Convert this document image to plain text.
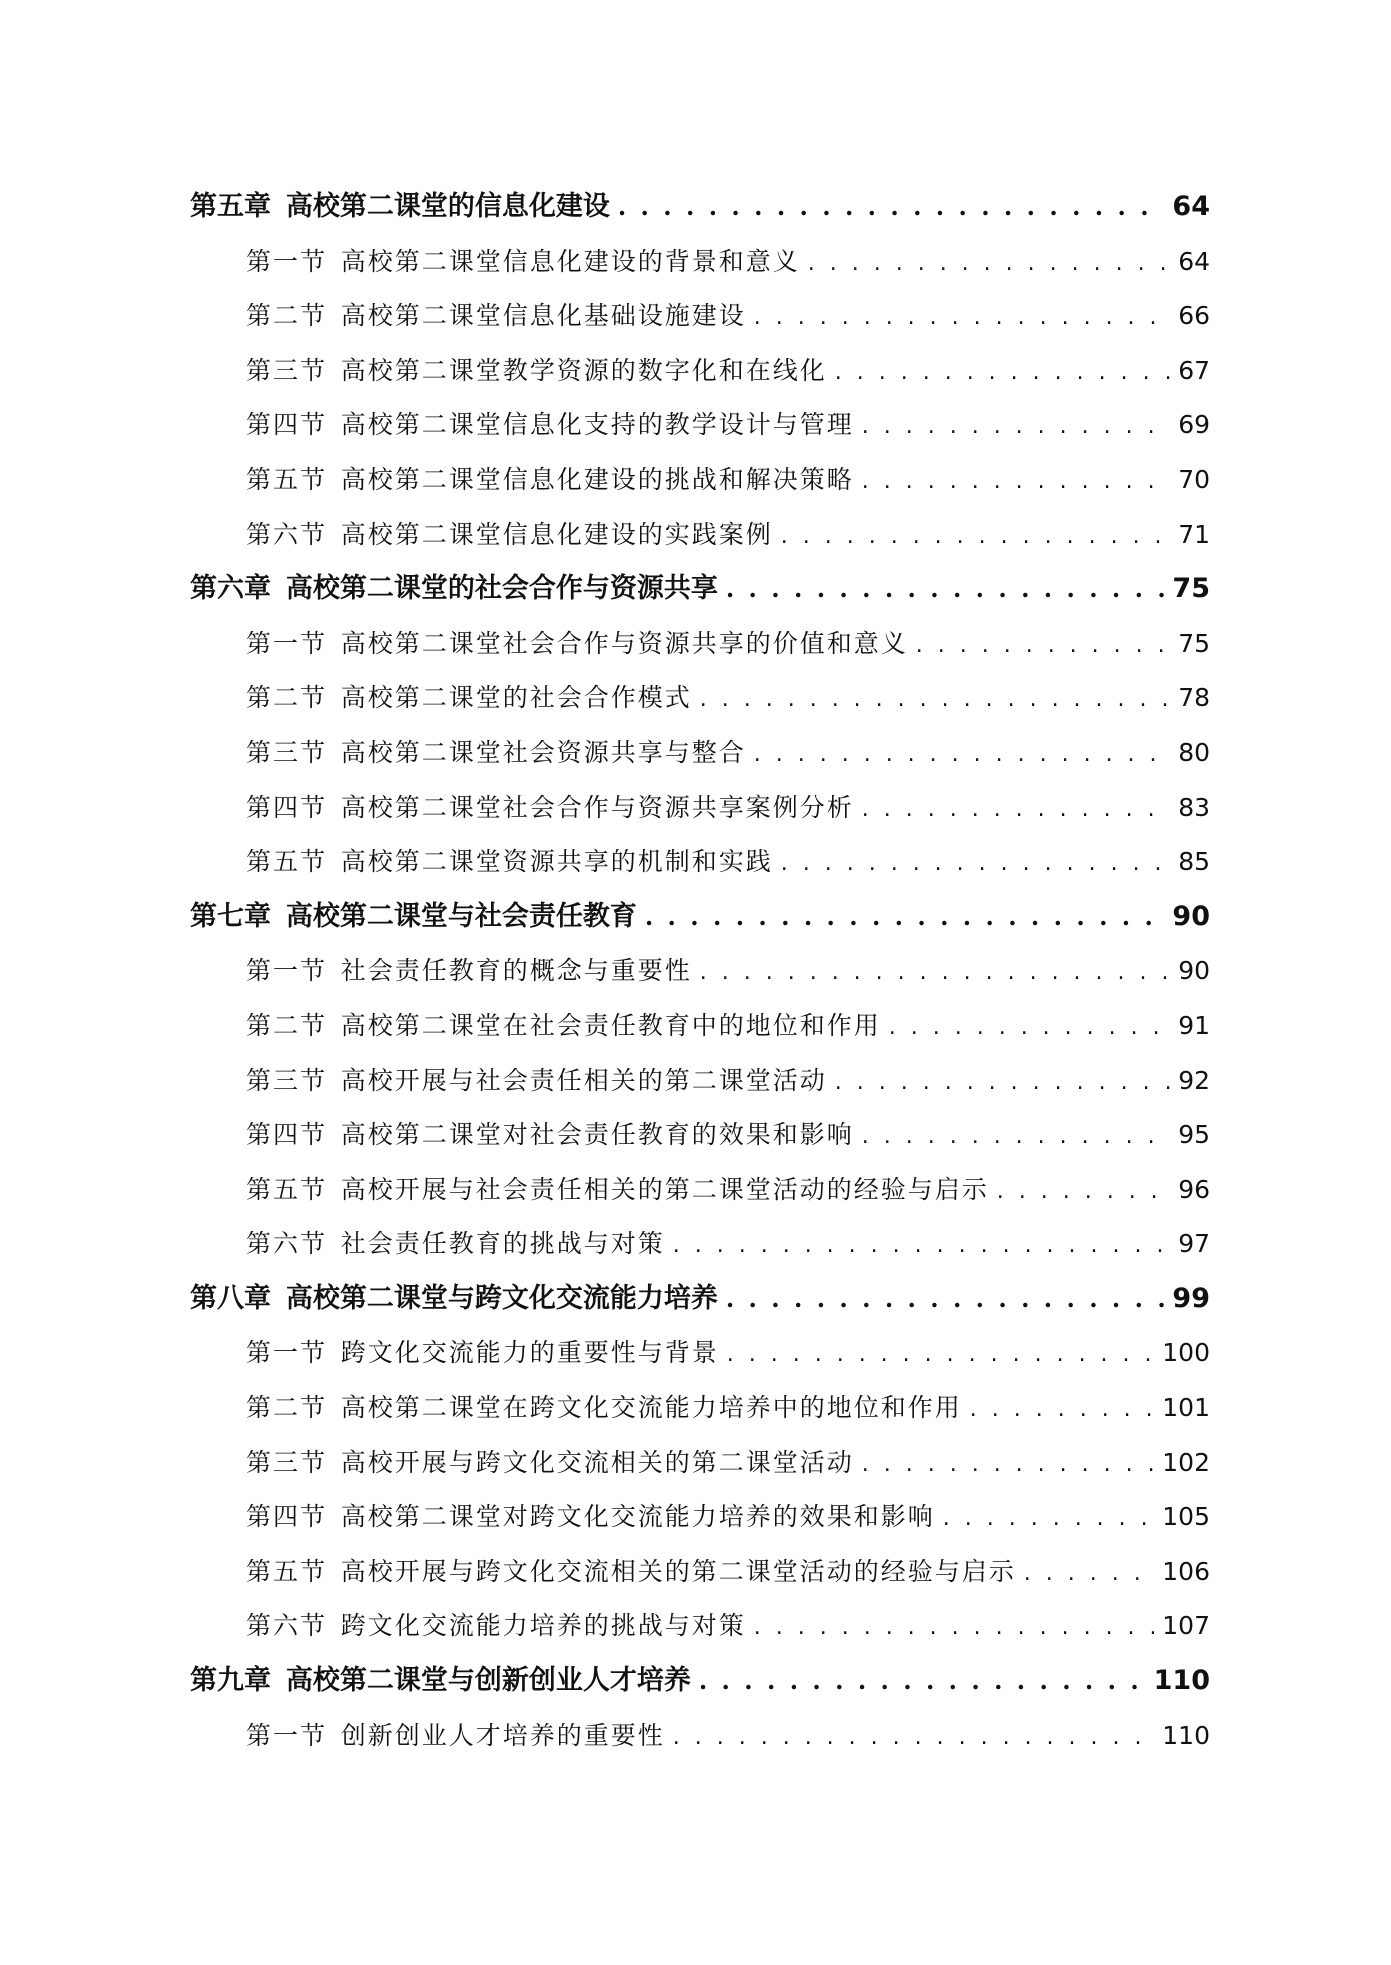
第五章 高校第二课堂的信息化建设 . . .	64
第一节 高校第二课堂信息化建设的背景和意义 . . .	64
第二节 高校第二课堂信息化基础设施建设 . . .	66
第三节 高校第二课堂教学资源的数字化和在线化 . . .	67
第四节 高校第二课堂信息化支持的教学设计与管理 . . .	69
第五节 高校第二课堂信息化建设的挑战和解决策略 . . .	70
第六节 高校第二课堂信息化建设的实践案例 . . .	71
第六章 高校第二课堂的社会合作与资源共享 . . .	75
第一节 高校第二课堂社会合作与资源共享的价值和意义 . . .	75
第二节 高校第二课堂的社会合作模式 . . .	78
第三节 高校第二课堂社会资源共享与整合 . . .	80
第四节 高校第二课堂社会合作与资源共享案例分析 . . .	83
第五节 高校第二课堂资源共享的机制和实践 . . .	85
第七章 高校第二课堂与社会责任教育 . . .	90
第一节 社会责任教育的概念与重要性 . . .	90
第二节 高校第二课堂在社会责任教育中的地位和作用 . . .	91
第三节 高校开展与社会责任相关的第二课堂活动 . . .	92
第四节 高校第二课堂对社会责任教育的效果和影响 . . .	95
第五节 高校开展与社会责任相关的第二课堂活动的经验与启示 . . .	96
第六节 社会责任教育的挑战与对策 . . .	97
第八章 高校第二课堂与跨文化交流能力培养 . . .	99
第一节 跨文化交流能力的重要性与背景 . . .	100
第二节 高校第二课堂在跨文化交流能力培养中的地位和作用 . . .	101
第三节 高校开展与跨文化交流相关的第二课堂活动 . . .	102
第四节 高校第二课堂对跨文化交流能力培养的效果和影响 . . .	105
第五节 高校开展与跨文化交流相关的第二课堂活动的经验与启示 . . .	106
第六节 跨文化交流能力培养的挑战与对策 . . .	107
第九章 高校第二课堂与创新创业人才培养 . . .	110
第一节 创新创业人才培养的重要性 . . .	110
